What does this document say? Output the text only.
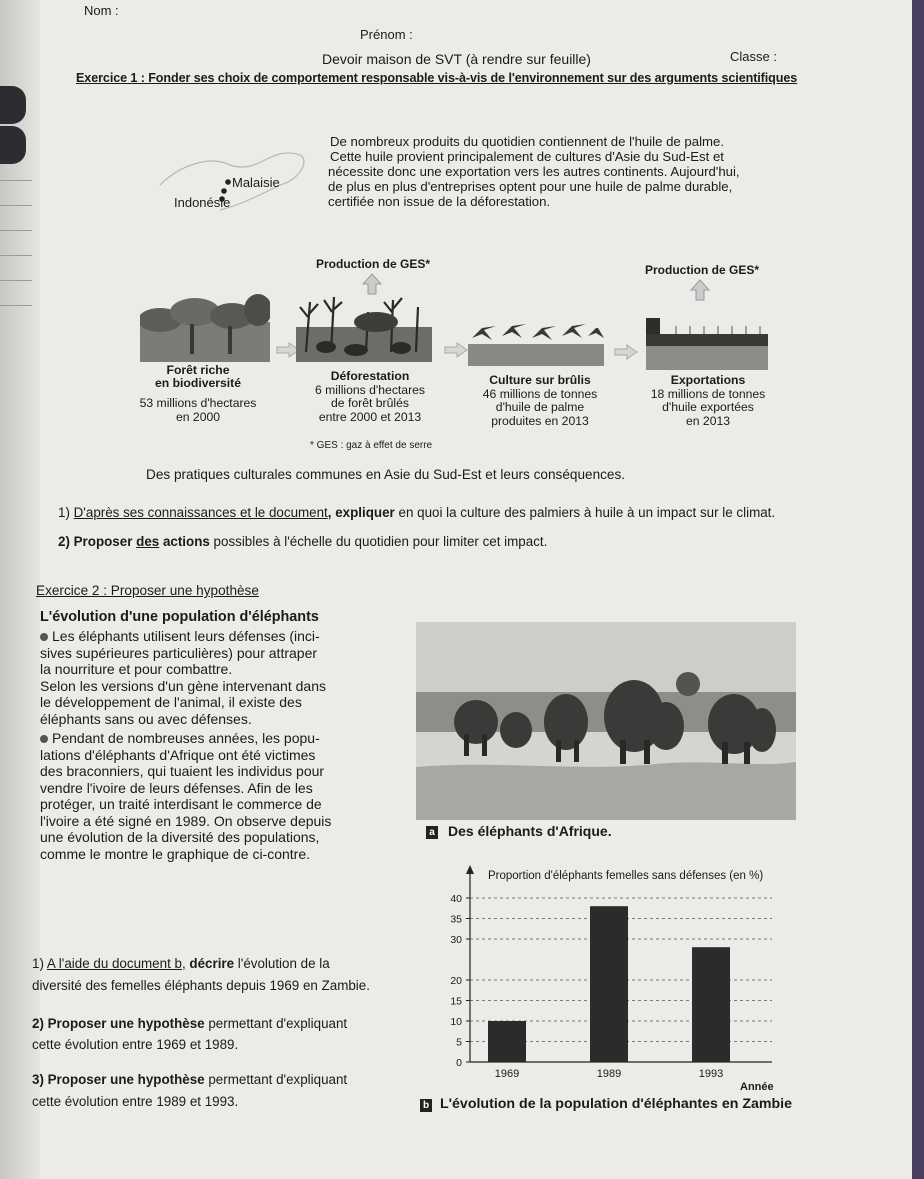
Nom :
Prénom :
Classe :
Devoir maison de SVT (à rendre sur feuille)
Exercice 1 : Fonder ses choix de comportement responsable vis-à-vis de l'environnement sur des arguments scientifiques
Malaisie
Indonésie
De nombreux produits du quotidien contiennent de l'huile de palme.
Cette huile provient principalement de cultures d'Asie du Sud-Est et
nécessite donc une exportation vers les autres continents. Aujourd'hui,
de plus en plus d'entreprises optent pour une huile de palme durable,
certifiée non issue de la déforestation.
Production de GES*	Production de GES*
Forêt riche
en biodiversité
53 millions d'hectares
en 2000
Déforestation
6 millions d'hectares
de forêt brûlés
entre 2000 et 2013
Culture sur brûlis
46 millions de tonnes
d'huile de palme
produites en 2013
Exportations
18 millions de tonnes
d'huile exportées
en 2013
* GES : gaz à effet de serre
Des pratiques culturales communes en Asie du Sud-Est et leurs conséquences.
1) D'après ses connaissances et le document, expliquer en quoi la culture des palmiers à huile à un impact sur le climat.
2) Proposer des actions possibles à l'échelle du quotidien pour limiter cet impact.
Exercice 2 : Proposer une hypothèse
L'évolution d'une population d'éléphants
Les éléphants utilisent leurs défenses (inci-
sives supérieures particulières) pour attraper
la nourriture et pour combattre.
Selon les versions d'un gène intervenant dans
le développement de l'animal, il existe des
éléphants sans ou avec défenses.
Pendant de nombreuses années, les popu-
lations d'éléphants d'Afrique ont été victimes
des braconniers, qui tuaient les individus pour
vendre l'ivoire de leurs défenses. Afin de les
protéger, un traité interdisant le commerce de
l'ivoire a été signé en 1989. On observe depuis
une évolution de la diversité des populations,
comme le montre le graphique de ci-contre.
a Des éléphants d'Afrique.
1) A l'aide du document b, décrire l'évolution de la
diversité des femelles éléphants depuis 1969 en Zambie.
2) Proposer une hypothèse permettant d'expliquant
cette évolution entre 1969 et 1989.
3) Proposer une hypothèse permettant d'expliquant
cette évolution entre 1989 et 1993.
Proportion d'éléphants femelles sans défenses (en %)
0
5
10
15
20
30
35
40
1969	1989	1993
Année
b L'évolution de la population d'éléphantes en Zambie
